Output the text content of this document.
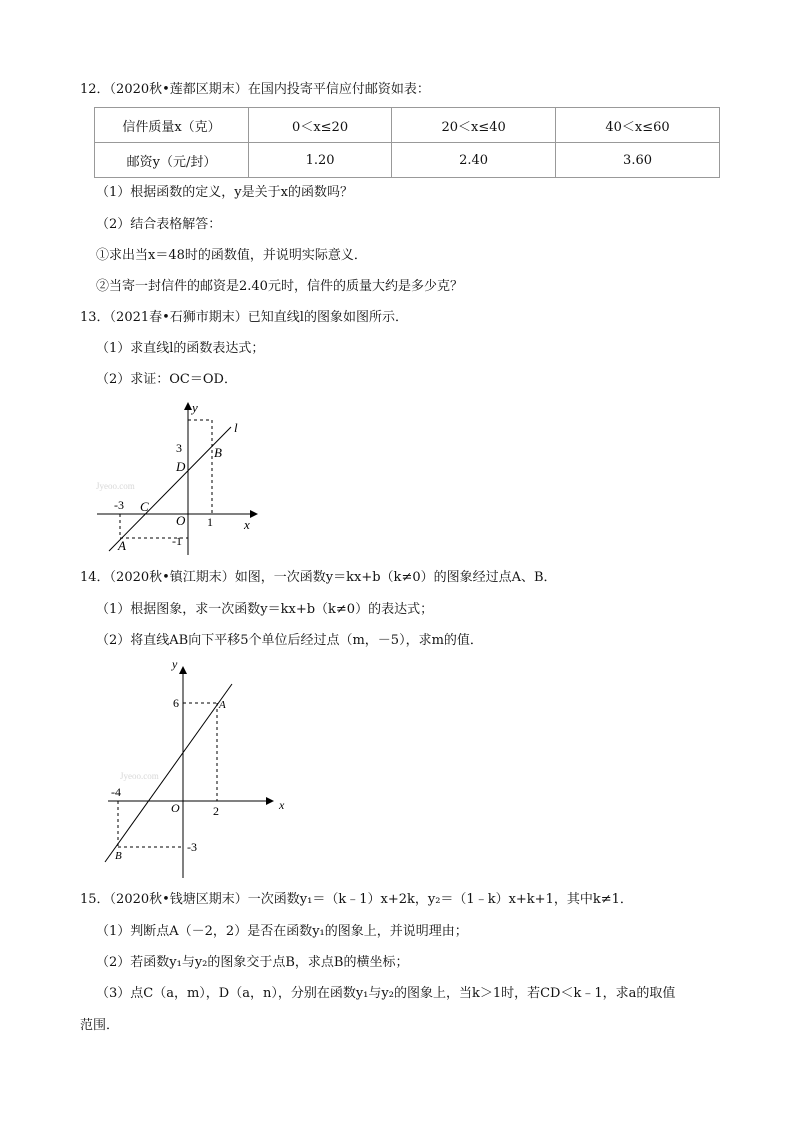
12．（2020秋•莲都区期末）在国内投寄平信应付邮资如表：
信件质量x（克）	0＜x≤20	20＜x≤40	40＜x≤60
邮资y（元/封）	1.20	2.40	3.60
（1）根据函数的定义，y是关于x的函数吗？
（2）结合表格解答：
①求出当x＝48时的函数值，并说明实际意义．
②当寄一封信件的邮资是2.40元时，信件的质量大约是多少克？
13．（2021春•石狮市期末）已知直线l的图象如图所示．
（1）求直线l的函数表达式；
（2）求证：OC＝OD．
y
l
3
D
B
Jyeoo.com
-3 C
O 1 x
A	-1
14．（2020秋•镇江期末）如图，一次函数y＝kx+b（k≠0）的图象经过点A、B．
（1）根据图象，求一次函数y＝kx+b（k≠0）的表达式；
（2）将直线AB向下平移5个单位后经过点（m，－5），求m的值．
y
6	A
Jyeoo.com
-4
O	2	x
-3
B
15．（2020秋•钱塘区期末）一次函数y₁＝（k﹣1）x+2k，y₂＝（1﹣k）x+k+1，其中k≠1．
（1）判断点A（－2，2）是否在函数y₁的图象上，并说明理由；
（2）若函数y₁与y₂的图象交于点B，求点B的横坐标；
（3）点C（a，m），D（a，n），分别在函数y₁与y₂的图象上，当k＞1时，若CD＜k﹣1，求a的取值
范围．
